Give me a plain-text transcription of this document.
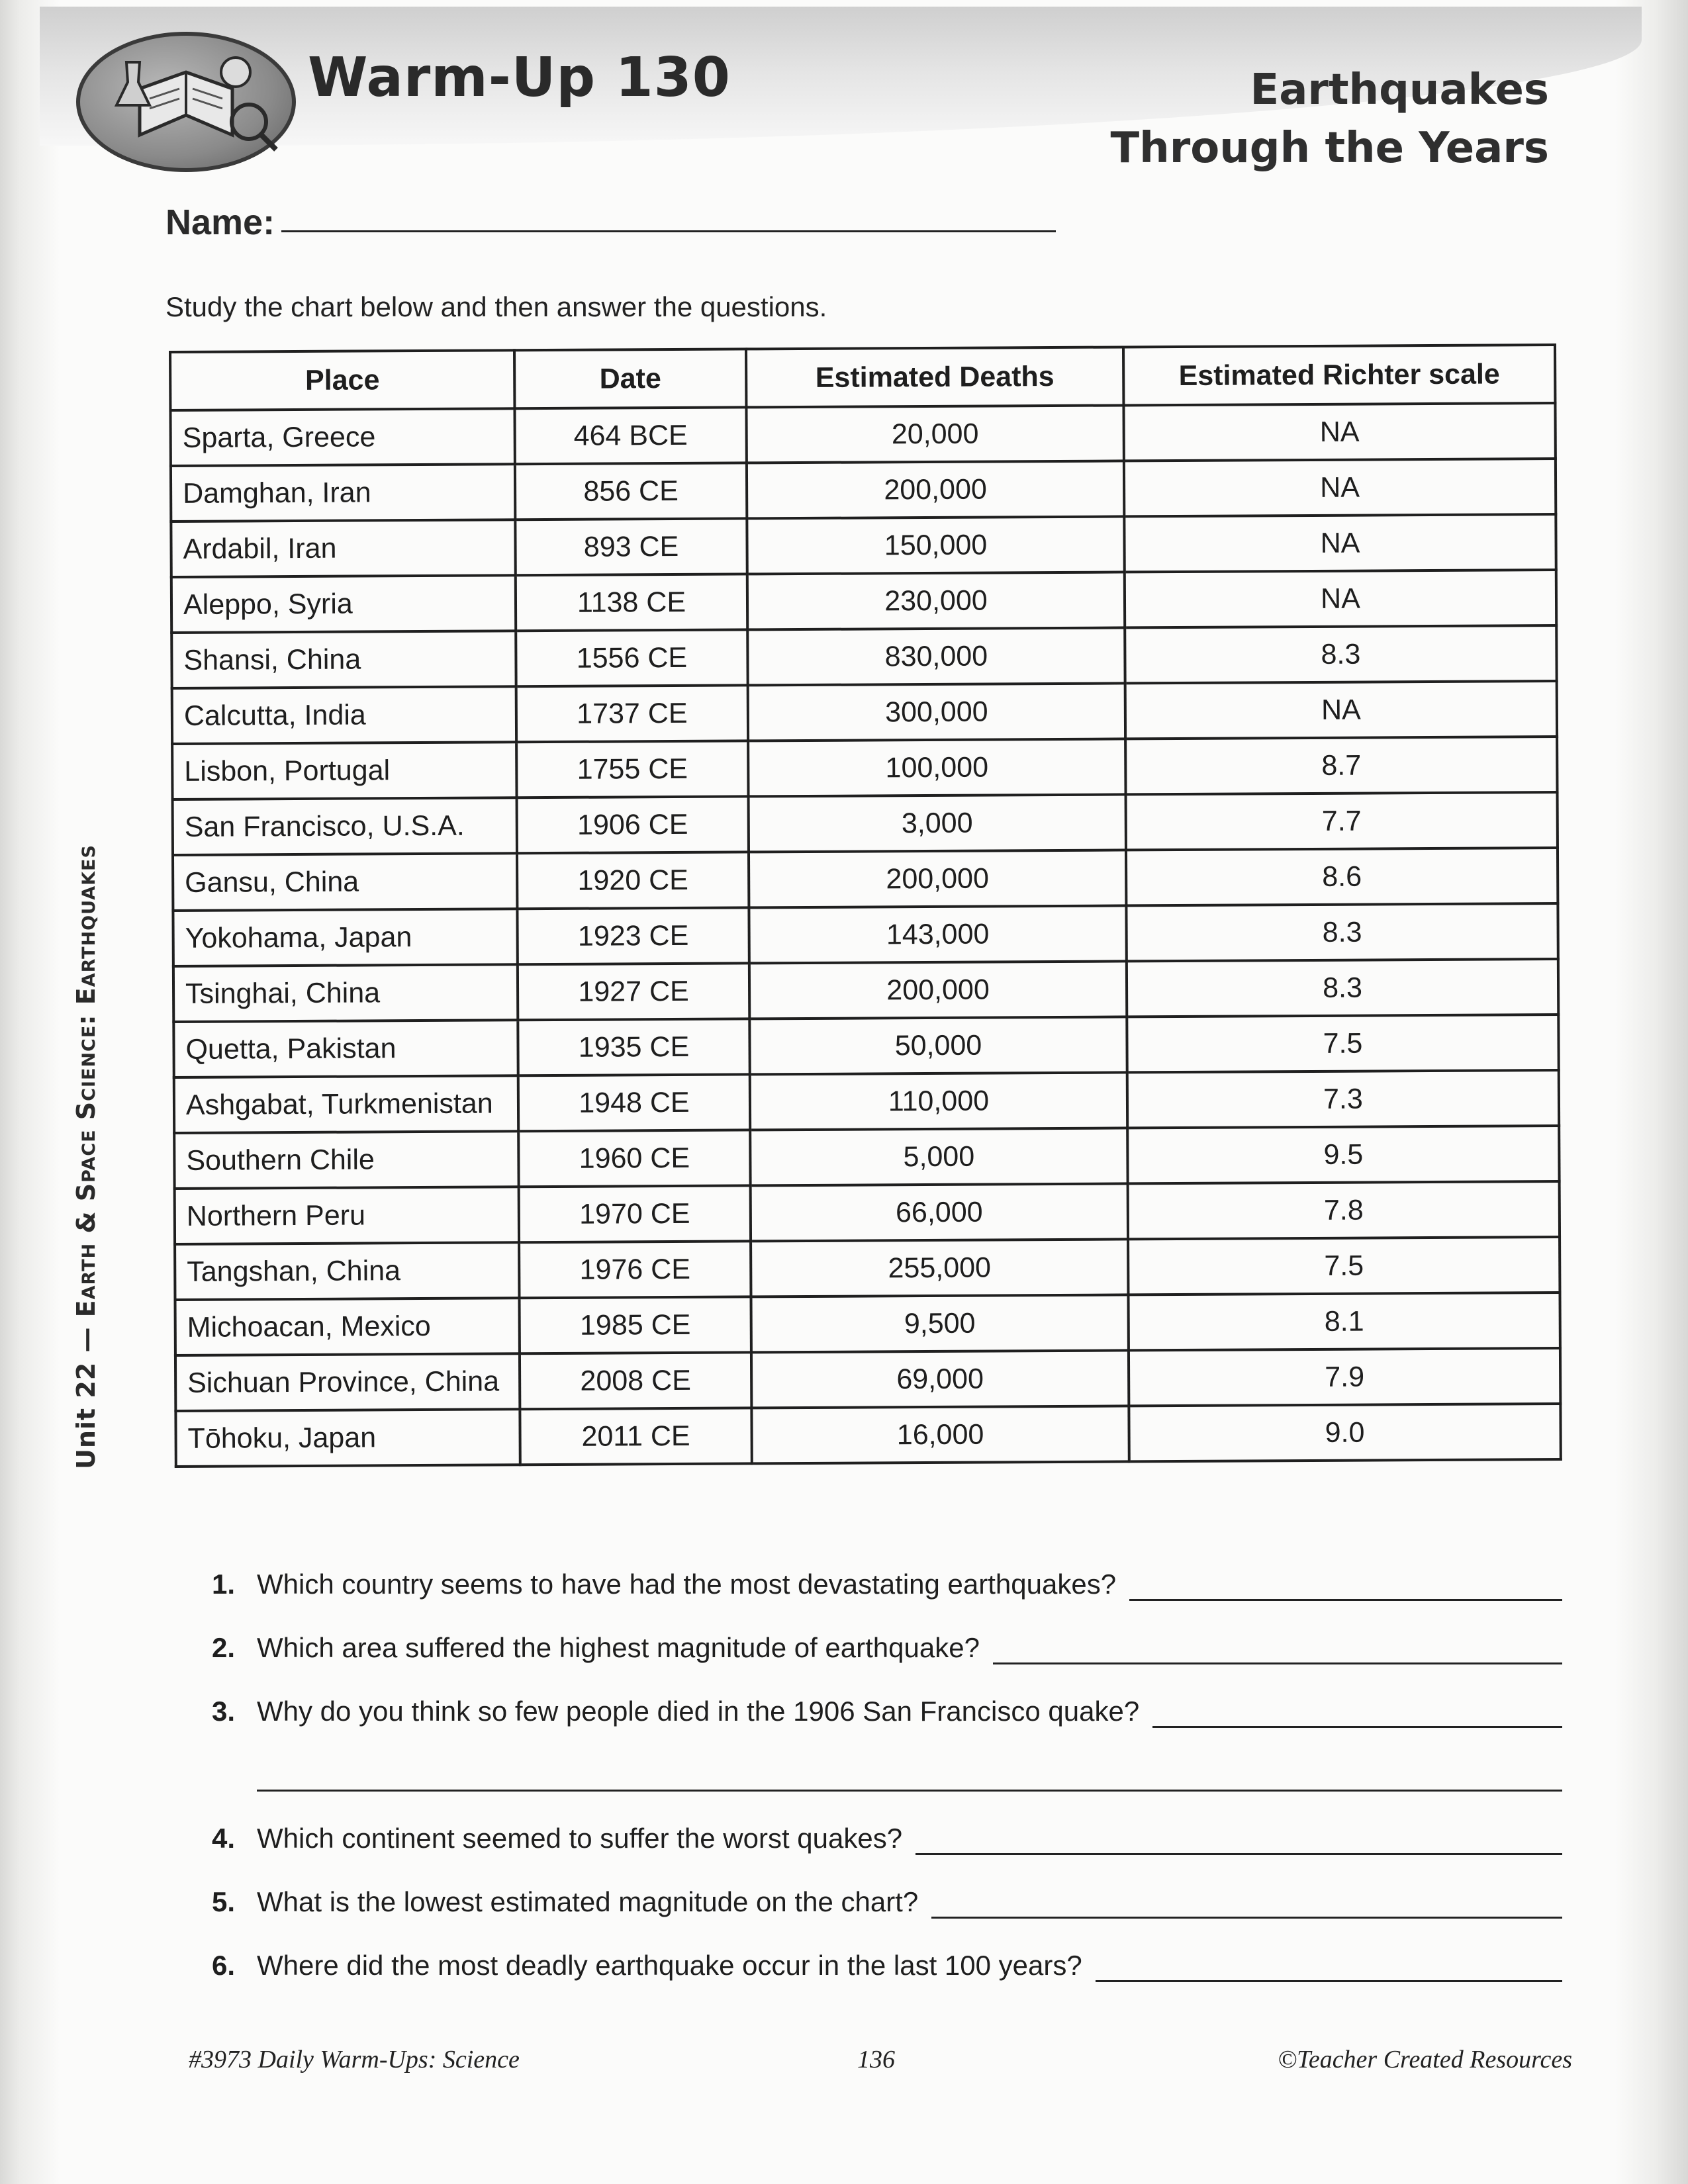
Warm-Up 130	Earthquakes
Through the Years
Name:
Study the chart below and then answer the questions.
Place	Date	Estimated Deaths	Estimated Richter scale
Sparta, Greece	464 BCE	20,000	NA
Damghan, Iran	856 CE	200,000	NA
Ardabil, Iran	893 CE	150,000	NA
Aleppo, Syria	1138 CE	230,000	NA
Shansi, China	1556 CE	830,000	8.3
Calcutta, India	1737 CE	300,000	NA
Lisbon, Portugal	1755 CE	100,000	8.7
San Francisco, U.S.A.	1906 CE	3,000	7.7
Gansu, China	1920 CE	200,000	8.6
Yokohama, Japan	1923 CE	143,000	8.3
Tsinghai, China	1927 CE	200,000	8.3
Quetta, Pakistan	1935 CE	50,000	7.5
Ashgabat, Turkmenistan	1948 CE	110,000	7.3
Southern Chile	1960 CE	5,000	9.5
Northern Peru	1970 CE	66,000	7.8
Tangshan, China	1976 CE	255,000	7.5
Michoacan, Mexico	1985 CE	9,500	8.1
Sichuan Province, China	2008 CE	69,000	7.9
Tōhoku, Japan	2011 CE	16,000	9.0
1. Which country seems to have had the most devastating earthquakes?
2. Which area suffered the highest magnitude of earthquake?
3. Why do you think so few people died in the 1906 San Francisco quake?
4. Which continent seemed to suffer the worst quakes?
5. What is the lowest estimated magnitude on the chart?
6. Where did the most deadly earthquake occur in the last 100 years?
#3973 Daily Warm-Ups: Science	136	©Teacher Created Resources
Unit 22 — Earth & Space Science: Earthquakes
